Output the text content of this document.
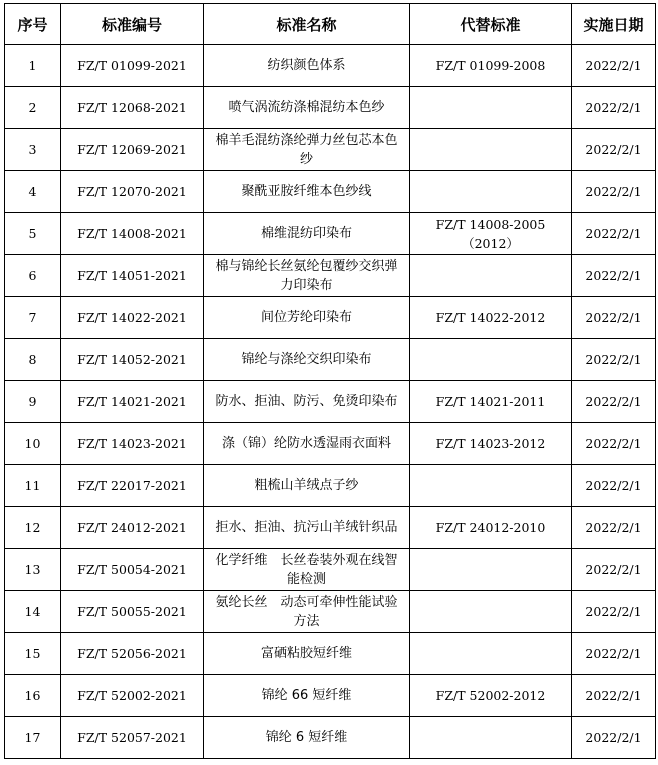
序号	标准编号	标准名称	代替标准	实施日期
1	FZ/T 01099-2021	纺织颜色体系	FZ/T 01099-2008	2022/2/1
2	FZ/T 12068-2021	喷气涡流纺涤棉混纺本色纱		2022/2/1
3	FZ/T 12069-2021	棉羊毛混纺涤纶弹力丝包芯本色纱		2022/2/1
4	FZ/T 12070-2021	聚酰亚胺纤维本色纱线		2022/2/1
5	FZ/T 14008-2021	棉维混纺印染布	FZ/T 14008-2005（2012）	2022/2/1
6	FZ/T 14051-2021	棉与锦纶长丝氨纶包覆纱交织弹力印染布		2022/2/1
7	FZ/T 14022-2021	间位芳纶印染布	FZ/T 14022-2012	2022/2/1
8	FZ/T 14052-2021	锦纶与涤纶交织印染布		2022/2/1
9	FZ/T 14021-2021	防水、拒油、防污、免烫印染布	FZ/T 14021-2011	2022/2/1
10	FZ/T 14023-2021	涤（锦）纶防水透湿雨衣面料	FZ/T 14023-2012	2022/2/1
11	FZ/T 22017-2021	粗梳山羊绒点子纱		2022/2/1
12	FZ/T 24012-2021	拒水、拒油、抗污山羊绒针织品	FZ/T 24012-2010	2022/2/1
13	FZ/T 50054-2021	化学纤维　长丝卷装外观在线智能检测		2022/2/1
14	FZ/T 50055-2021	氨纶长丝　动态可牵伸性能试验方法		2022/2/1
15	FZ/T 52056-2021	富硒粘胶短纤维		2022/2/1
16	FZ/T 52002-2021	锦纶 66 短纤维	FZ/T 52002-2012	2022/2/1
17	FZ/T 52057-2021	锦纶 6 短纤维		2022/2/1
